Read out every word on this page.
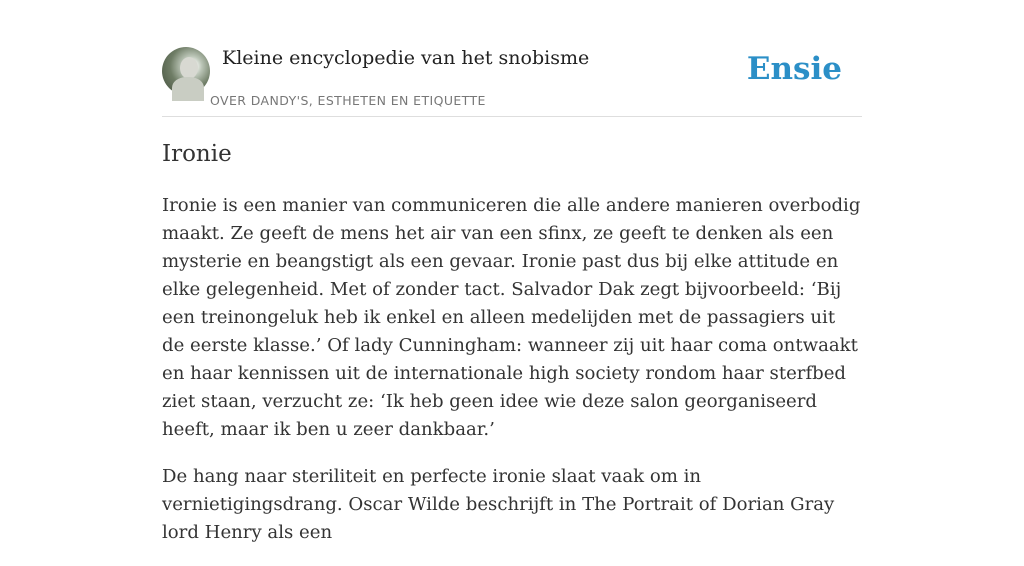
Kleine encyclopedie van het snobisme
OVER DANDY'S, ESTHETEN EN ETIQUETTE
Ensie
Ironie

Ironie is een manier van communiceren die alle andere manieren overbodig maakt. Ze geeft de mens het air van een sfinx, ze geeft te denken als een mysterie en beangstigt als een gevaar. Ironie past dus bij elke attitude en elke gelegenheid. Met of zonder tact. Salvador Dak zegt bijvoorbeeld: ‘Bij een treinongeluk heb ik enkel en alleen medelijden met de passagiers uit de eerste klasse.’ Of lady Cunningham: wanneer zij uit haar coma ontwaakt en haar kennissen uit de internationale high society rondom haar sterfbed ziet staan, verzucht ze: ‘Ik heb geen idee wie deze salon georganiseerd heeft, maar ik ben u zeer dankbaar.’

De hang naar steriliteit en perfecte ironie slaat vaak om in vernietigingsdrang. Oscar Wilde beschrijft in The Portrait of Dorian Gray lord Henry als een
